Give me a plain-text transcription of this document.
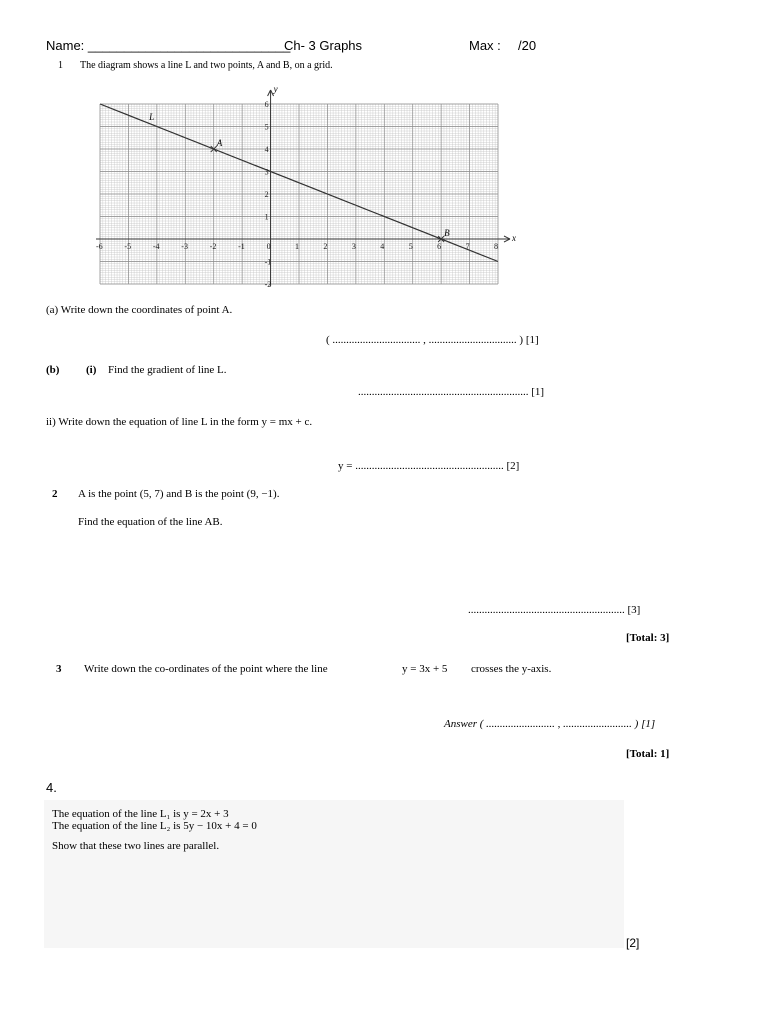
Name: ____________________________
Ch- 3 Graphs	Max : /20
1 The diagram shows a line L and two points, A and B, on a grid.
x
y
-6	-5	-4	-3	-2	-1	0	1	2	3	4	5	6	7	8
-2
-1
1
2
3
4
5
6
L
A
B
(a) Write down the coordinates of point A.
( ................................ , ................................ ) [1]
(b) (i) Find the gradient of line L.
.............................................................. [1]
ii) Write down the equation of line L in the form y = mx + c.
y = ...................................................... [2]
2 A is the point (5, 7) and B is the point (9, −1).
Find the equation of the line AB.
......................................................... [3]
[Total: 3]
3 Write down the co-ordinates of the point where the line	y = 3x + 5 crosses the y-axis.
Answer ( ......................... , ......................... ) [1]
[Total: 1]
4.
The equation of the line L₁ is y = 2x + 3
The equation of the line L₂ is 5y − 10x + 4 = 0
Show that these two lines are parallel.
[2]
